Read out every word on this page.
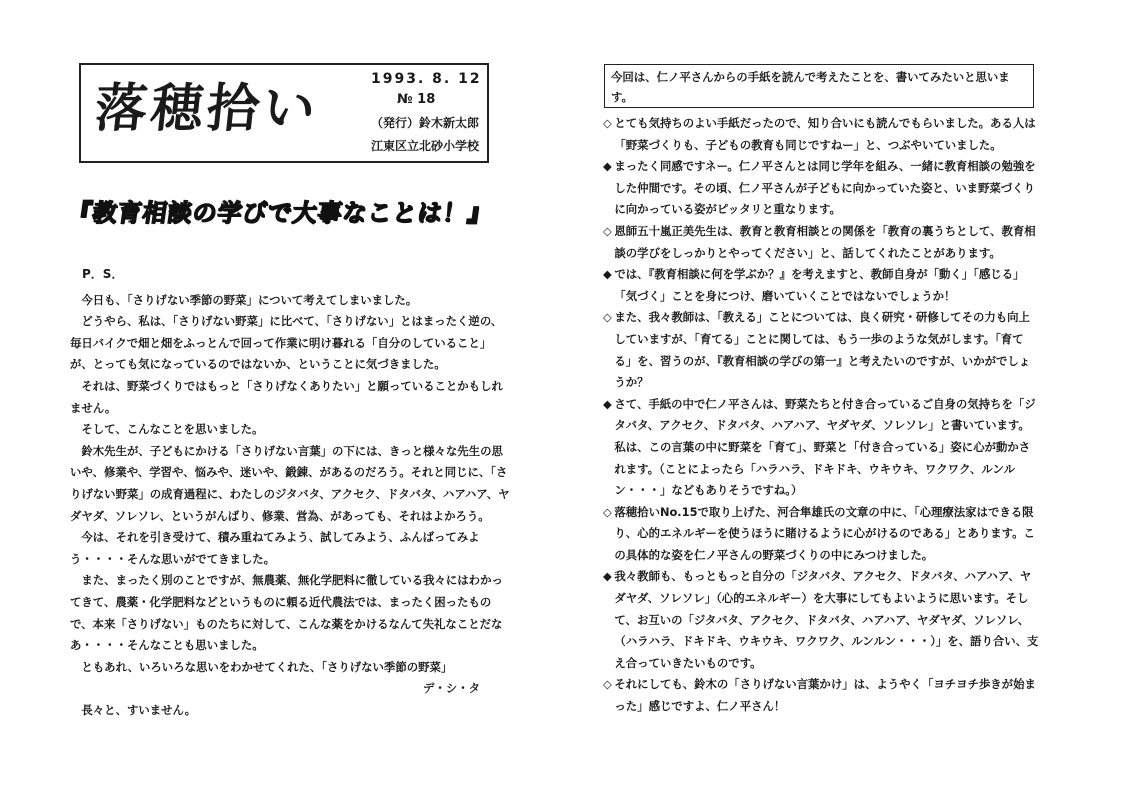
落穂拾い	1993. 8. 12
№ 18
（発行）鈴木新太郎
江東区立北砂小学校
『教育相談の学びで大事なことは！』

P．S．

今日も、「さりげない季節の野菜」について考えてしまいました。

どうやら、私は、「さりげない野菜」に比べて、「さりげない」とはまったく逆の、毎日バイクで畑と畑をふっとんで回って作業に明け暮れる「自分のしていること」が、とっても気になっているのではないか、ということに気づきました。

それは、野菜づくりではもっと「さりげなくありたい」と願っていることかもしれません。

そして、こんなことを思いました。

鈴木先生が、子どもにかける「さりげない言葉」の下には、きっと様々な先生の思いや、修業や、学習や、悩みや、迷いや、鍛錬、があるのだろう。それと同じに、「さりげない野菜」の成育過程に、わたしのジタバタ、アクセク、ドタバタ、ハアハア、ヤダヤダ、ソレソレ、というがんばり、修業、営為、があっても、それはよかろう。

今は、それを引き受けて、積み重ねてみよう、試してみよう、ふんばってみよう・・・・そんな思いがでてきました。

また、まったく別のことですが、無農薬、無化学肥料に徹している我々にはわかってきて、農薬・化学肥料などというものに頼る近代農法では、まったく困ったもので、本来「さりげない」ものたちに対して、こんな薬をかけるなんて失礼なことだなあ・・・・そんなことも思いました。

ともあれ、いろいろな思いをわかせてくれた、「さりげない季節の野菜」

デ・シ・タ

長々と、すいません。

今回は、仁ノ平さんからの手紙を読んで考えたことを、書いてみたいと思います。

◇ とても気持ちのよい手紙だったので、知り合いにも読んでもらいました。ある人は「野菜づくりも、子どもの教育も同じですねー」と、つぶやいていました。

◆ まったく同感ですネー。仁ノ平さんとは同じ学年を組み、一緒に教育相談の勉強をした仲間です。その頃、仁ノ平さんが子どもに向かっていた姿と、いま野菜づくりに向かっている姿がピッタリと重なります。

◇ 恩師五十嵐正美先生は、教育と教育相談との関係を「教育の裏うちとして、教育相談の学びをしっかりとやってください」と、話してくれたことがあります。

◆ では、『教育相談に何を学ぶか？』を考えますと、教師自身が「動く」「感じる」「気づく」ことを身につけ、磨いていくことではないでしょうか！

◇ また、我々教師は、「教える」ことについては、良く研究・研修してその力も向上していますが、「育てる」ことに関しては、もう一歩のような気がします。「育てる」を、習うのが、『教育相談の学びの第一』と考えたいのですが、いかがでしょうか？

◆ さて、手紙の中で仁ノ平さんは、野菜たちと付き合っているご自身の気持ちを「ジタバタ、アクセク、ドタバタ、ハアハア、ヤダヤダ、ソレソレ」と書いています。私は、この言葉の中に野菜を「育て」、野菜と「付き合っている」姿に心が動かされます。（ことによったら「ハラハラ、ドキドキ、ウキウキ、ワクワク、ルンルン・・・」などもありそうですね。）

◇ 落穂拾いNo.15で取り上げた、河合隼雄氏の文章の中に、「心理療法家はできる限り、心的エネルギーを使うほうに賭けるように心がけるのである」とあります。この具体的な姿を仁ノ平さんの野菜づくりの中にみつけました。

◆ 我々教師も、もっともっと自分の「ジタバタ、アクセク、ドタバタ、ハアハア、ヤダヤダ、ソレソレ」（心的エネルギー）を大事にしてもよいように思います。そして、お互いの「ジタバタ、アクセク、ドタバタ、ハアハア、ヤダヤダ、ソレソレ、（ハラハラ、ドキドキ、ウキウキ、ワクワク、ルンルン・・・）」を、語り合い、支え合っていきたいものです。

◇ それにしても、鈴木の「さりげない言葉かけ」は、ようやく「ヨチヨチ歩きが始まった」感じですよ、仁ノ平さん！
